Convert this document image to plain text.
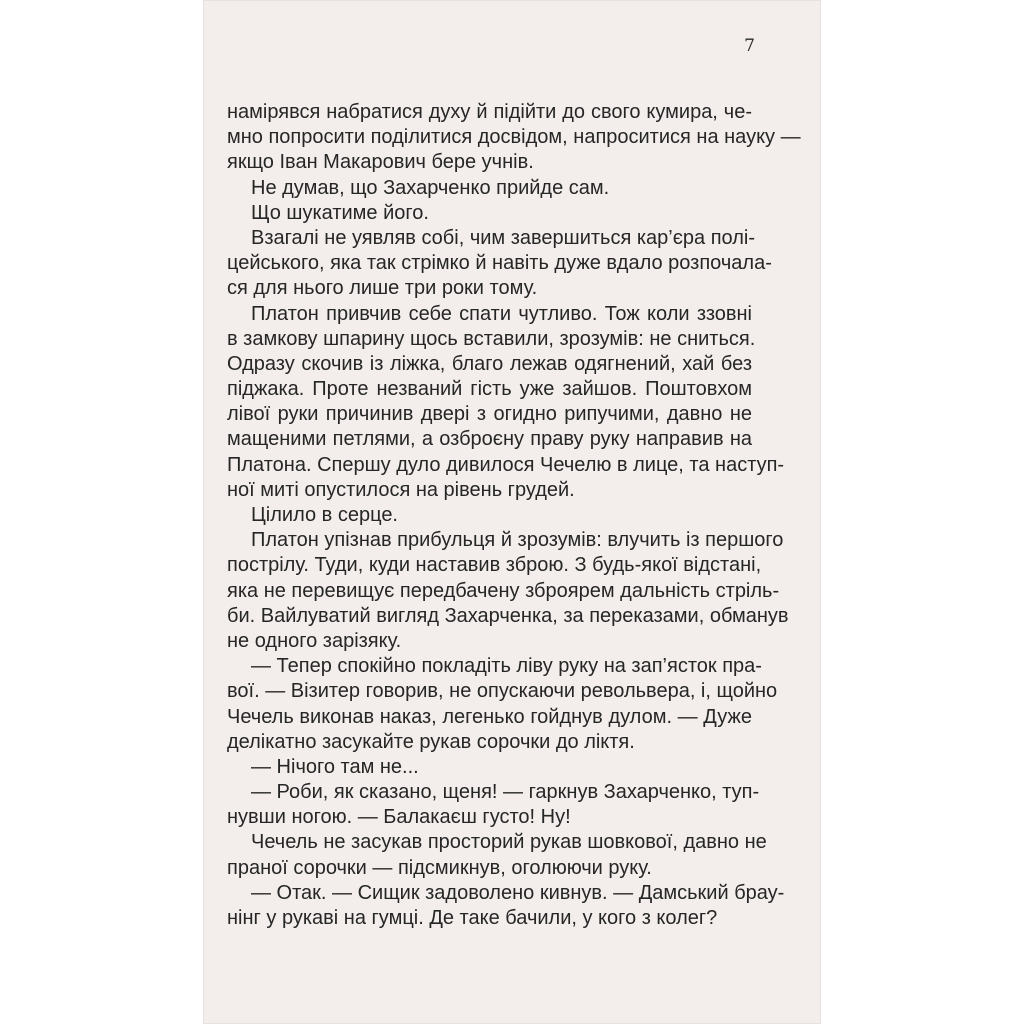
7
намірявся набратися духу й підійти до свого кумира, че-
мно попросити поділитися досвідом, напроситися на науку —
якщо Іван Макарович бере учнів.
Не думав, що Захарченко прийде сам.
Що шукатиме його.
Взагалі не уявляв собі, чим завершиться кар’єра полі-
цейського, яка так стрімко й навіть дуже вдало розпочала-
ся для нього лише три роки тому.
Платон привчив себе спати чутливо. Тож коли ззовні
в замкову шпарину щось вставили, зрозумів: не сниться.
Одразу скочив із ліжка, благо лежав одягнений, хай без
піджака. Проте незваний гість уже зайшов. Поштовхом
лівої руки причинив двері з огидно рипучими, давно не
мащеними петлями, а озброєну праву руку направив на
Платона. Спершу дуло дивилося Чечелю в лице, та наступ-
ної миті опустилося на рівень грудей.
Цілило в серце.
Платон упізнав прибульця й зрозумів: влучить із першого
пострілу. Туди, куди наставив зброю. З будь-якої відстані,
яка не перевищує передбачену зброярем дальність стріль-
би. Вайлуватий вигляд Захарченка, за переказами, обманув
не одного зарізяку.
— Тепер спокійно покладіть ліву руку на зап’ясток пра-
вої. — Візитер говорив, не опускаючи револьвера, і, щойно
Чечель виконав наказ, легенько гойднув дулом. — Дуже
делікатно засукайте рукав сорочки до ліктя.
— Нічого там не...
— Роби, як сказано, щеня! — гаркнув Захарченко, туп-
нувши ногою. — Балакаєш густо! Ну!
Чечель не засукав просторий рукав шовкової, давно не
праної сорочки — підсмикнув, оголюючи руку.
— Отак. — Сищик задоволено кивнув. — Дамський брау-
нінг у рукаві на гумці. Де таке бачили, у кого з колег?
